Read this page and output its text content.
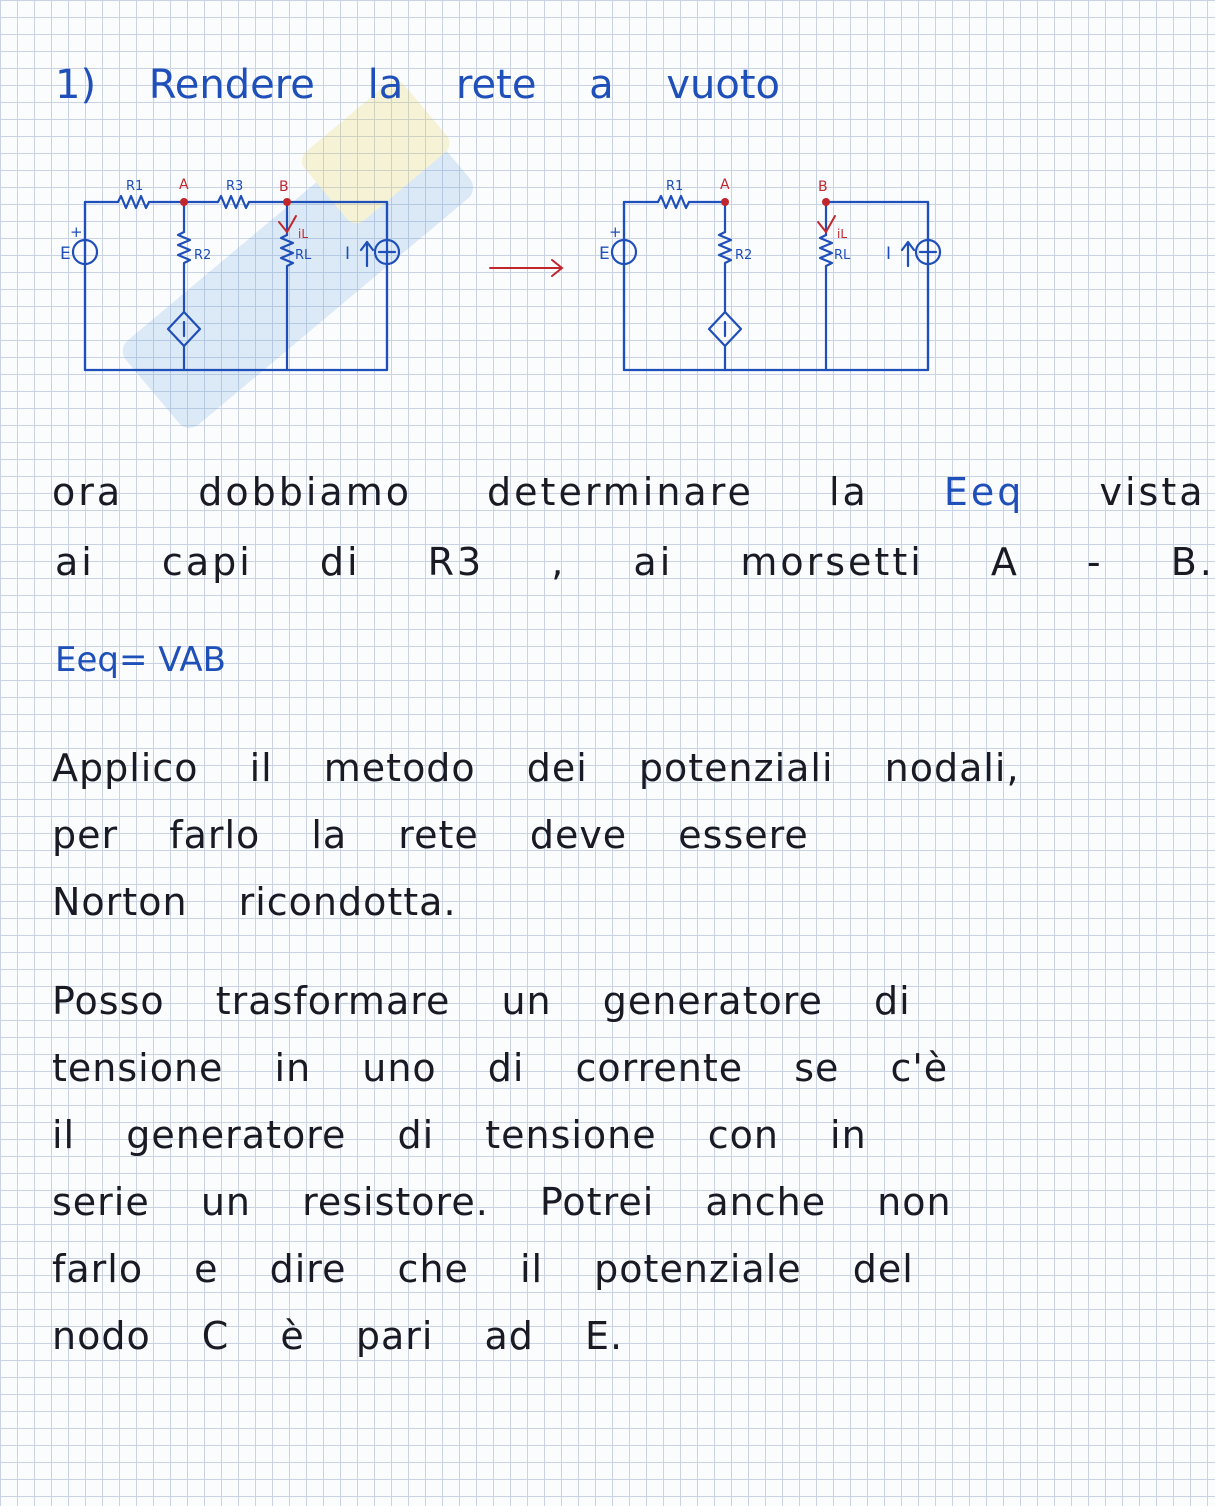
1) Rendere la rete a vuoto
R1	R3
R2	RL
E
+
I
R1
R2	RL
E
+
I
A	B
iL
A	B
iL
ora dobbiamo determinare la Eeq vista
ai capi di R3 , ai morsetti A - B.
Eeq= VAB
Applico il metodo dei potenziali nodali,
per farlo la rete deve essere
Norton ricondotta.
Posso trasformare un generatore di
tensione in uno di corrente se c'è
il generatore di tensione con in
serie un resistore. Potrei anche non
farlo e dire che il potenziale del
nodo C è pari ad E.
